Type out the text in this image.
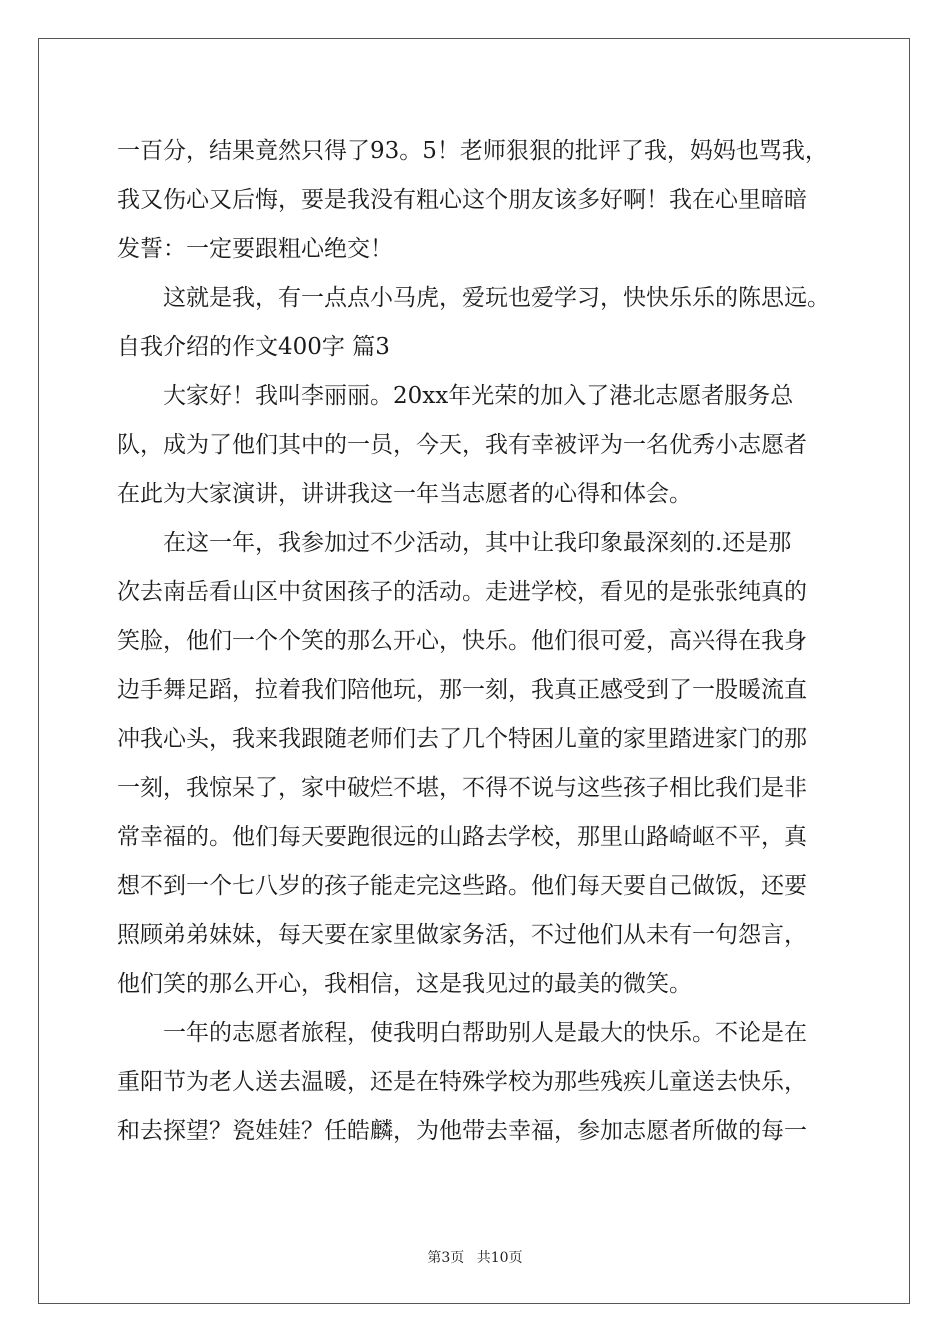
一百分，结果竟然只得了93。5！老师狠狠的批评了我，妈妈也骂我，
我又伤心又后悔，要是我没有粗心这个朋友该多好啊！我在心里暗暗
发誓：一定要跟粗心绝交！
这就是我，有一点点小马虎，爱玩也爱学习，快快乐乐的陈思远。
自我介绍的作文400字 篇3
大家好！我叫李丽丽。20xx年光荣的加入了港北志愿者服务总
队，成为了他们其中的一员，今天，我有幸被评为一名优秀小志愿者
在此为大家演讲，讲讲我这一年当志愿者的心得和体会。
在这一年，我参加过不少活动，其中让我印象最深刻的.还是那
次去南岳看山区中贫困孩子的活动。走进学校，看见的是张张纯真的
笑脸，他们一个个笑的那么开心，快乐。他们很可爱，高兴得在我身
边手舞足蹈，拉着我们陪他玩，那一刻，我真正感受到了一股暖流直
冲我心头，我来我跟随老师们去了几个特困儿童的家里踏进家门的那
一刻，我惊呆了，家中破烂不堪，不得不说与这些孩子相比我们是非
常幸福的。他们每天要跑很远的山路去学校，那里山路崎岖不平，真
想不到一个七八岁的孩子能走完这些路。他们每天要自己做饭，还要
照顾弟弟妹妹，每天要在家里做家务活，不过他们从未有一句怨言，
他们笑的那么开心，我相信，这是我见过的最美的微笑。
一年的志愿者旅程，使我明白帮助别人是最大的快乐。不论是在
重阳节为老人送去温暖，还是在特殊学校为那些残疾儿童送去快乐，
和去探望？瓷娃娃？任皓麟，为他带去幸福，参加志愿者所做的每一
第3页 共10页
